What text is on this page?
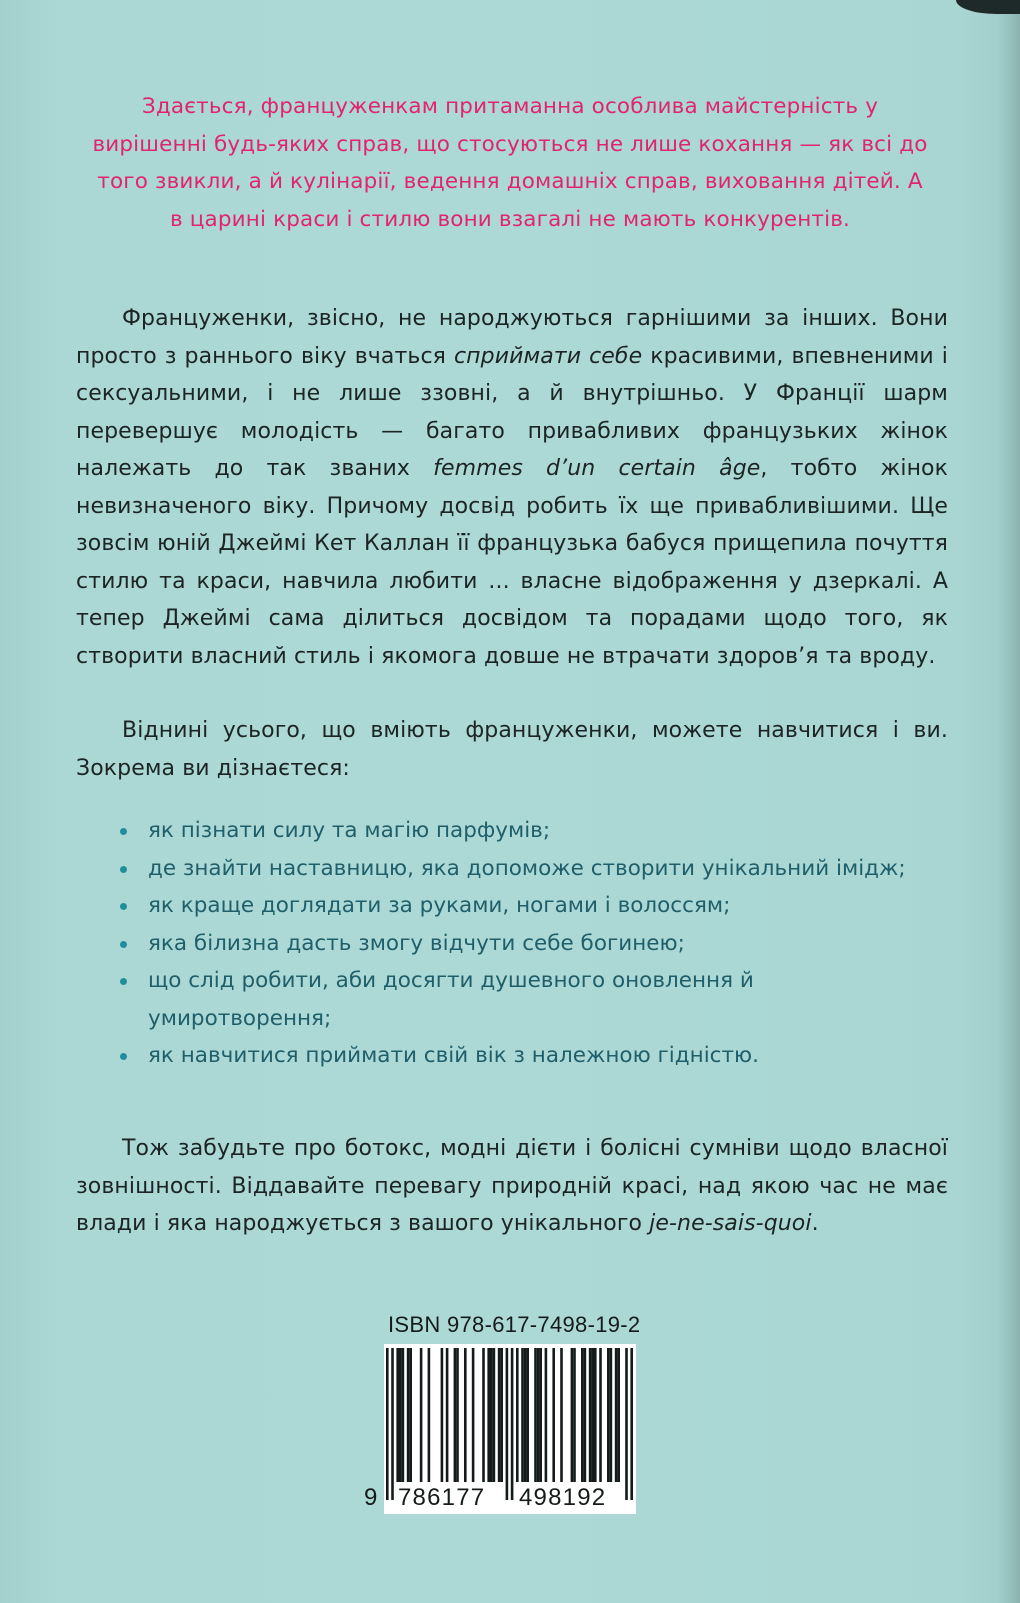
Здається, француженкам притаманна особлива майстерність у вирішенні будь-яких справ, що стосуються не лише кохання — як всі до того звикли, а й кулінарії, ведення домашніх справ, виховання дітей. А в царині краси і стилю вони взагалі не мають конкурентів.
Француженки, звісно, не народжуються гарнішими за інших. Вони просто з раннього віку вчаться сприймати себе красивими, впевненими і сексуальними, і не лише ззовні, а й внутрішньо. У Франції шарм перевершує молодість — багато привабливих французьких жінок належать до так званих femmes d’un certain âge, тобто жінок невизначеного віку. Причому досвід робить їх ще привабливішими. Ще зовсім юній Джеймі Кет Каллан її французька бабуся прищепила почуття стилю та краси, навчила любити ... власне відображення у дзеркалі. А тепер Джеймі сама ділиться досвідом та порадами щодо того, як створити власний стиль і якомога довше не втрачати здоров’я та вроду.
Віднині усього, що вміють француженки, можете навчитися і ви. Зокрема ви дізнаєтеся:
як пізнати силу та магію парфумів;
де знайти наставницю, яка допоможе створити унікальний імідж;
як краще доглядати за руками, ногами і волоссям;
яка білизна дасть змогу відчути себе богинею;
що слід робити, аби досягти душевного оновлення й умиротворення;
як навчитися приймати свій вік з належною гідністю.
Тож забудьте про ботокс, модні дієти і болісні сумніви щодо власної зовнішності. Віддавайте перевагу природній красі, над якою час не має влади і яка народжується з вашого унікального je-ne-sais-quoi.
ISBN 978-617-7498-19-2
9 786177 498192
